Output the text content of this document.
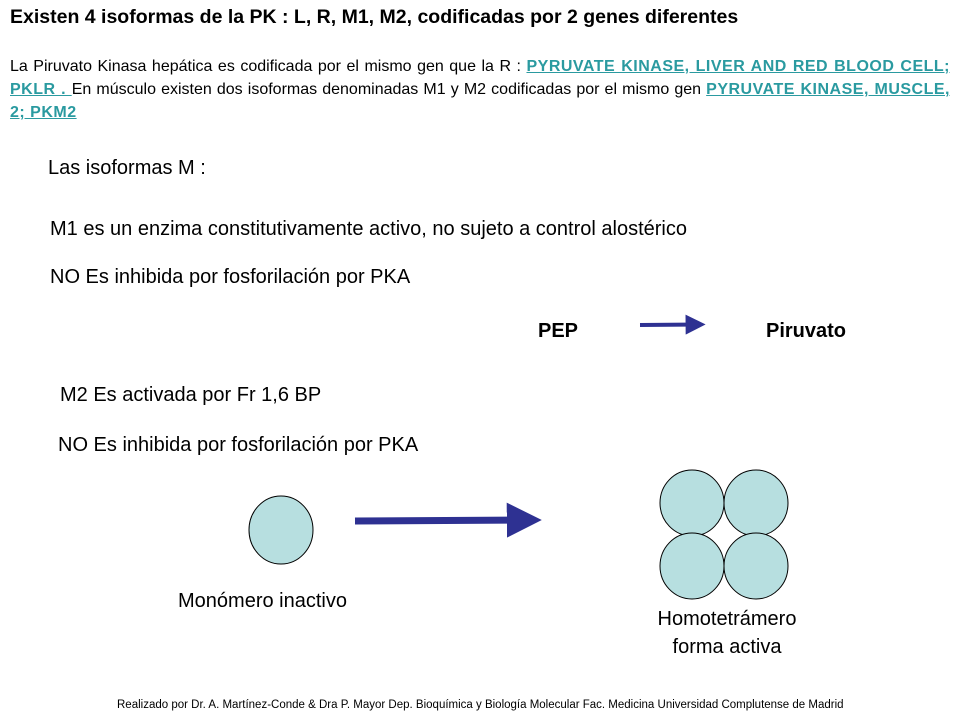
Existen 4 isoformas de la PK : L, R, M1, M2, codificadas por 2 genes diferentes
La Piruvato Kinasa hepática es codificada por el mismo gen que la R : PYRUVATE KINASE, LIVER AND RED BLOOD CELL; PKLR . En músculo existen dos isoformas denominadas M1 y M2 codificadas por el mismo gen PYRUVATE KINASE, MUSCLE, 2; PKM2
Las isoformas M :
M1 es un enzima constitutivamente activo, no sujeto a control alostérico
NO Es inhibida por fosforilación por PKA
PEP	Piruvato
M2 Es activada por Fr 1,6 BP
NO Es inhibida por fosforilación por PKA
Monómero inactivo
Homotetrámero
forma activa
Realizado por Dr. A. Martínez-Conde & Dra P. Mayor Dep. Bioquímica y Biología Molecular Fac. Medicina Universidad Complutense de Madrid
